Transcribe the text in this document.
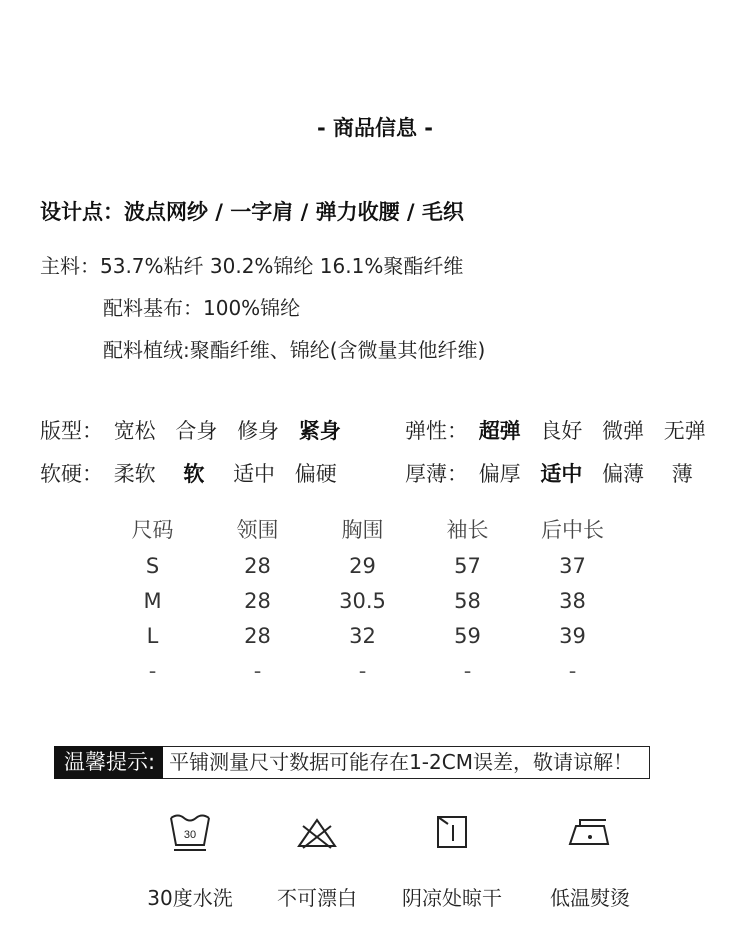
- 商品信息 -
设计点：波点网纱 / 一字肩 / 弹力收腰 / 毛织
主料：53.7%粘纤 30.2%锦纶 16.1%聚酯纤维
配料基布：100%锦纶
配料植绒:聚酯纤维、锦纶(含微量其他纤维)
版型： 宽松 合身 修身 紧身	弹性： 超弹 良好 微弹 无弹
软硬： 柔软 软 适中 偏硬	厚薄： 偏厚 适中 偏薄 薄
尺码	领围	胸围	袖长	后中长
S	28	29	57	37
M	28	30.5	58	38
L	28	32	59	39
-	-	-	-	-
温馨提示: 平铺测量尺寸数据可能存在1-2CM误差，敬请谅解！
30
30度水洗	不可漂白	阴凉处晾干	低温熨烫
